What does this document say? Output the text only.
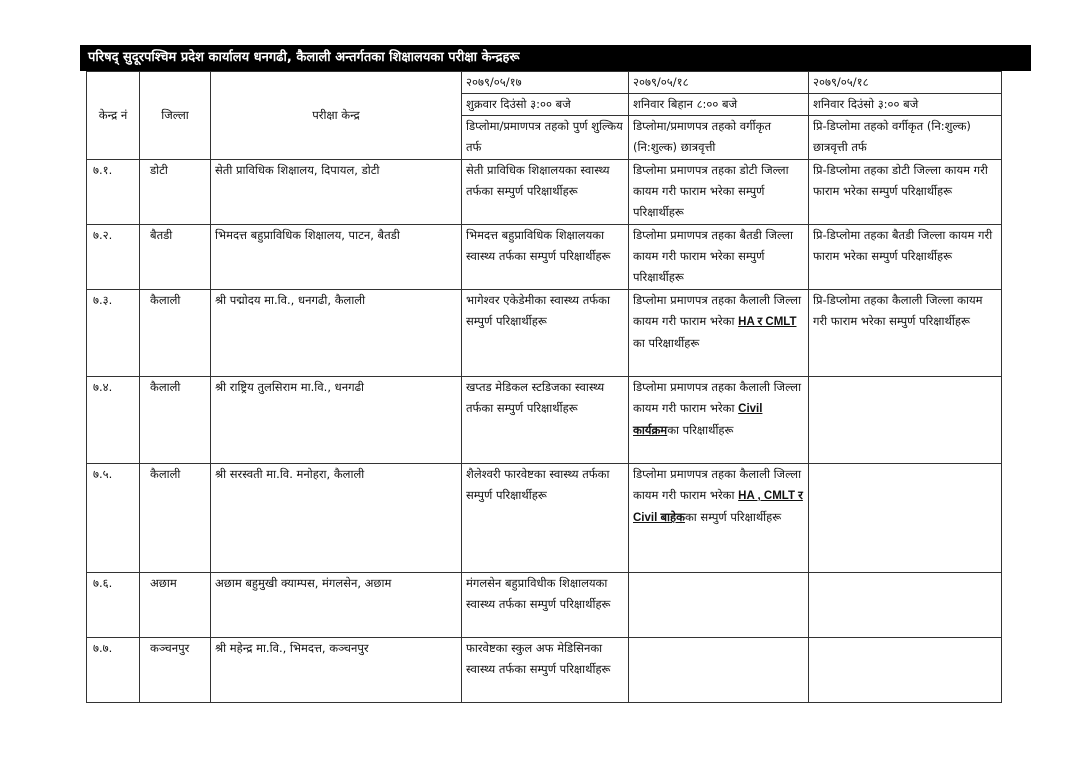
परिषद् सुदूरपश्चिम प्रदेश कार्यालय धनगढी, कैलाली अन्तर्गतका शिक्षालयका परीक्षा केन्द्रहरू
केन्द्र नं	जिल्ला	परीक्षा केन्द्र	२०७९/०५/१७	२०७९/०५/१८	२०७९/०५/१८
			शुक्रवार दिउंसो ३:०० बजे	शनिवार बिहान ८:०० बजे	शनिवार दिउंसो ३:०० बजे
			डिप्लोमा/प्रमाणपत्र तहको पुर्ण शुल्किय तर्फ	डिप्लोमा/प्रमाणपत्र तहको वर्गीकृत (नि:शुल्क) छात्रवृत्ती	प्रि-डिप्लोमा तहको वर्गीकृत (नि:शुल्क) छात्रवृत्ती तर्फ
७.१.	डोटी	सेती प्राविधिक शिक्षालय, दिपायल, डोटी	सेती प्राविधिक शिक्षालयका स्वास्थ्य तर्फका सम्पुर्ण परिक्षार्थीहरू	डिप्लोमा प्रमाणपत्र तहका डोटी जिल्ला कायम गरी फाराम भरेका सम्पुर्ण परिक्षार्थीहरू	प्रि-डिप्लोमा तहका डोटी जिल्ला कायम गरी फाराम भरेका सम्पुर्ण परिक्षार्थीहरू
७.२.	बैतडी	भिमदत्त बहुप्राविधिक शिक्षालय, पाटन, बैतडी	भिमदत्त बहुप्राविधिक शिक्षालयका स्वास्थ्य तर्फका सम्पुर्ण परिक्षार्थीहरू	डिप्लोमा प्रमाणपत्र तहका बैतडी जिल्ला कायम गरी फाराम भरेका सम्पुर्ण परिक्षार्थीहरू	प्रि-डिप्लोमा तहका बैतडी जिल्ला कायम गरी फाराम भरेका सम्पुर्ण परिक्षार्थीहरू
७.३.	कैलाली	श्री पद्मोदय मा.वि., धनगढी, कैलाली	भागेश्वर एकेडेमीका स्वास्थ्य तर्फका सम्पुर्ण परिक्षार्थीहरू	डिप्लोमा प्रमाणपत्र तहका कैलाली जिल्ला कायम गरी फाराम भरेका HA र CMLT का परिक्षार्थीहरू	प्रि-डिप्लोमा तहका कैलाली जिल्ला कायम गरी फाराम भरेका सम्पुर्ण परिक्षार्थीहरू
७.४.	कैलाली	श्री राष्ट्रिय तुलसिराम मा.वि., धनगढी	खप्तड मेडिकल स्टडिजका स्वास्थ्य तर्फका सम्पुर्ण परिक्षार्थीहरू	डिप्लोमा प्रमाणपत्र तहका कैलाली जिल्ला कायम गरी फाराम भरेका Civil कार्यक्रमका परिक्षार्थीहरू	
७.५.	कैलाली	श्री सरस्वती मा.वि. मनोहरा, कैलाली	शैलेश्वरी फारवेष्टका स्वास्थ्य तर्फका सम्पुर्ण परिक्षार्थीहरू	डिप्लोमा प्रमाणपत्र तहका कैलाली जिल्ला कायम गरी फाराम भरेका HA , CMLT र Civil बाहेकका सम्पुर्ण परिक्षार्थीहरू	
७.६.	अछाम	अछाम बहुमुखी क्याम्पस, मंगलसेन, अछाम	मंगलसेन बहुप्राविधीक शिक्षालयका स्वास्थ्य तर्फका सम्पुर्ण परिक्षार्थीहरू		
७.७.	कञ्चनपुर	श्री महेन्द्र मा.वि., भिमदत्त, कञ्चनपुर	फारवेष्टका स्कुल अफ मेडिसिनका स्वास्थ्य तर्फका सम्पुर्ण परिक्षार्थीहरू		
